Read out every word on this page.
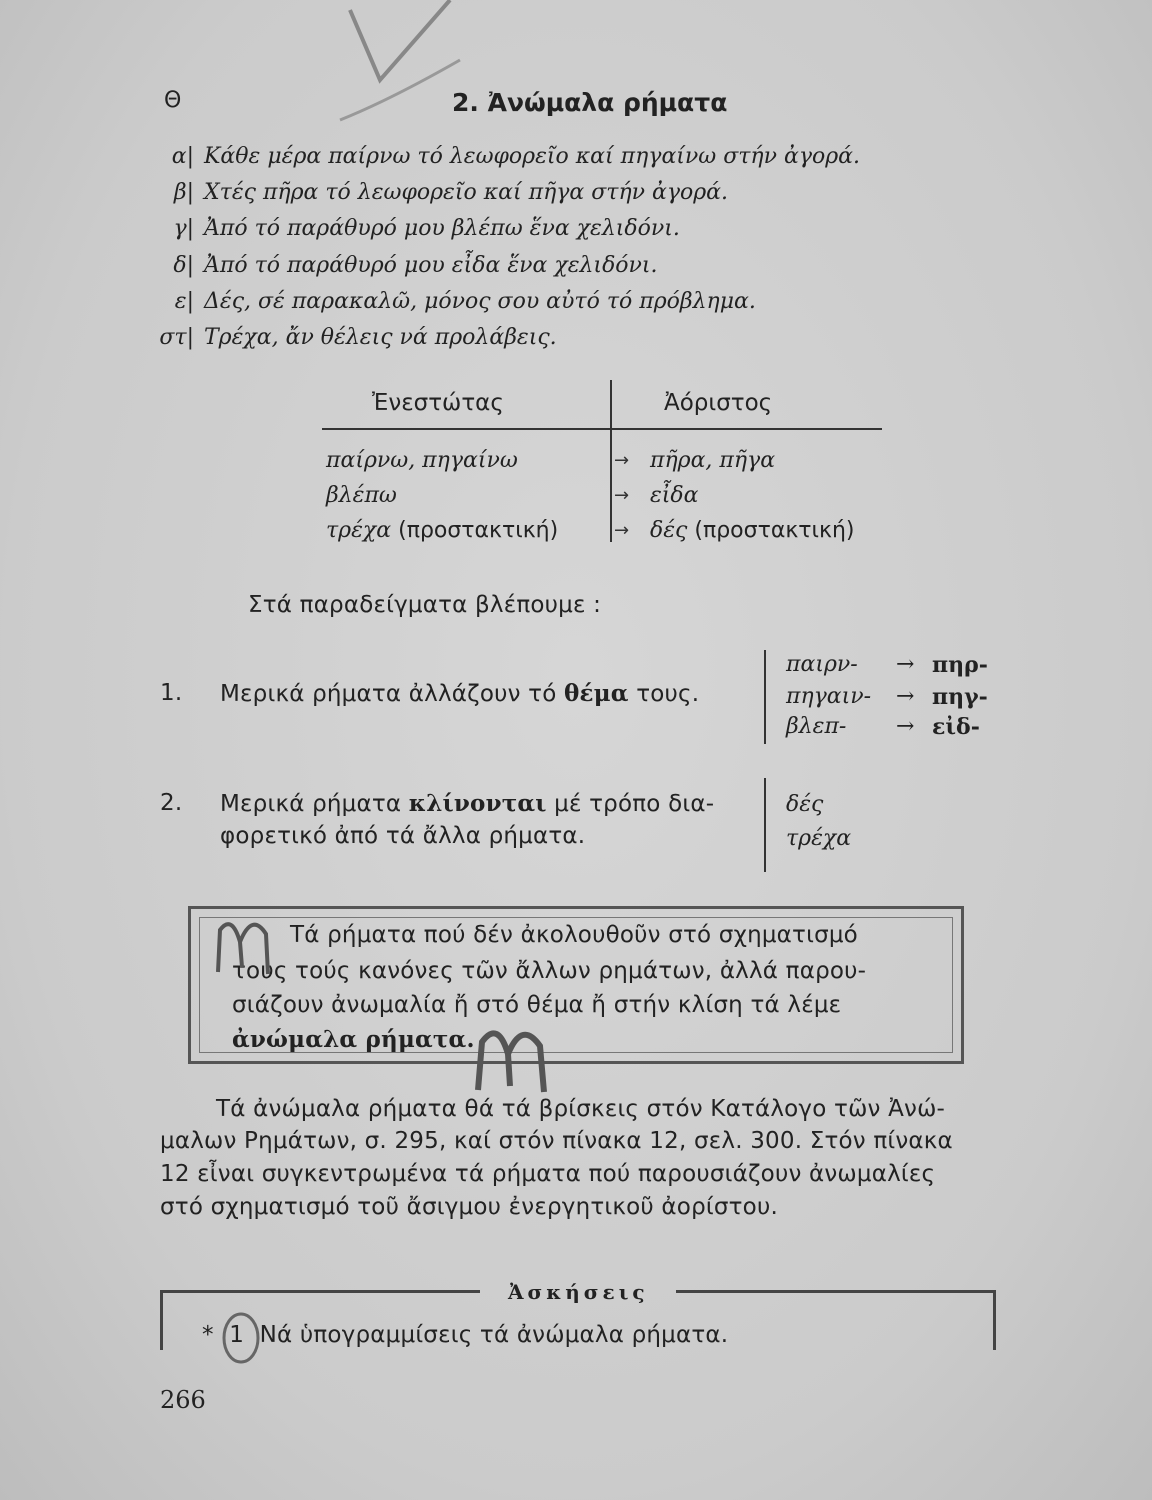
Θ	2. Ἀνώμαλα ρήματα
α| Κάθε μέρα παίρνω τό λεωφορεῖο καί πηγαίνω στήν ἀγορά.
β| Χτές πῆρα τό λεωφορεῖο καί πῆγα στήν ἀγορά.
γ| Ἀπό τό παράθυρό μου βλέπω ἕνα χελιδόνι.
δ| Ἀπό τό παράθυρό μου εἶδα ἕνα χελιδόνι.
ε| Δές, σέ παρακαλῶ, μόνος σου αὐτό τό πρόβλημα.
στ| Τρέχα, ἄν θέλεις νά προλάβεις.
Ἐνεστώτας	Ἀόριστος
παίρνω, πηγαίνω	→ πῆρα, πῆγα
βλέπω	→ εἶδα
τρέχα (προστακτική)	→ δές (προστακτική)
Στά παραδείγματα βλέπουμε :
1. Μερικά ρήματα ἀλλάζουν τό θέμα τους.
παιρν- → πηρ-
πηγαιν- → πηγ-
βλεπ- → εἰδ-
2. Μερικά ρήματα κλίνονται μέ τρόπο δια-
φορετικό ἀπό τά ἄλλα ρήματα.
δές
τρέχα
Τά ρήματα πού δέν ἀκολουθοῦν στό σχηματισμό
τους τούς κανόνες τῶν ἄλλων ρημάτων, ἀλλά παρου-
σιάζουν ἀνωμαλία ἤ στό θέμα ἤ στήν κλίση τά λέμε
ἀνώμαλα ρήματα.
Τά ἀνώμαλα ρήματα θά τά βρίσκεις στόν Κατάλογο τῶν Ἀνώ-
μαλων Ρημάτων, σ. 295, καί στόν πίνακα 12, σελ. 300. Στόν πίνακα
12 εἶναι συγκεντρωμένα τά ρήματα πού παρουσιάζουν ἀνωμαλίες
στό σχηματισμό τοῦ ἄσιγμου ἐνεργητικοῦ ἀορίστου.
Ἀσκήσεις
* 1 Νά ὑπογραμμίσεις τά ἀνώμαλα ρήματα.
266
